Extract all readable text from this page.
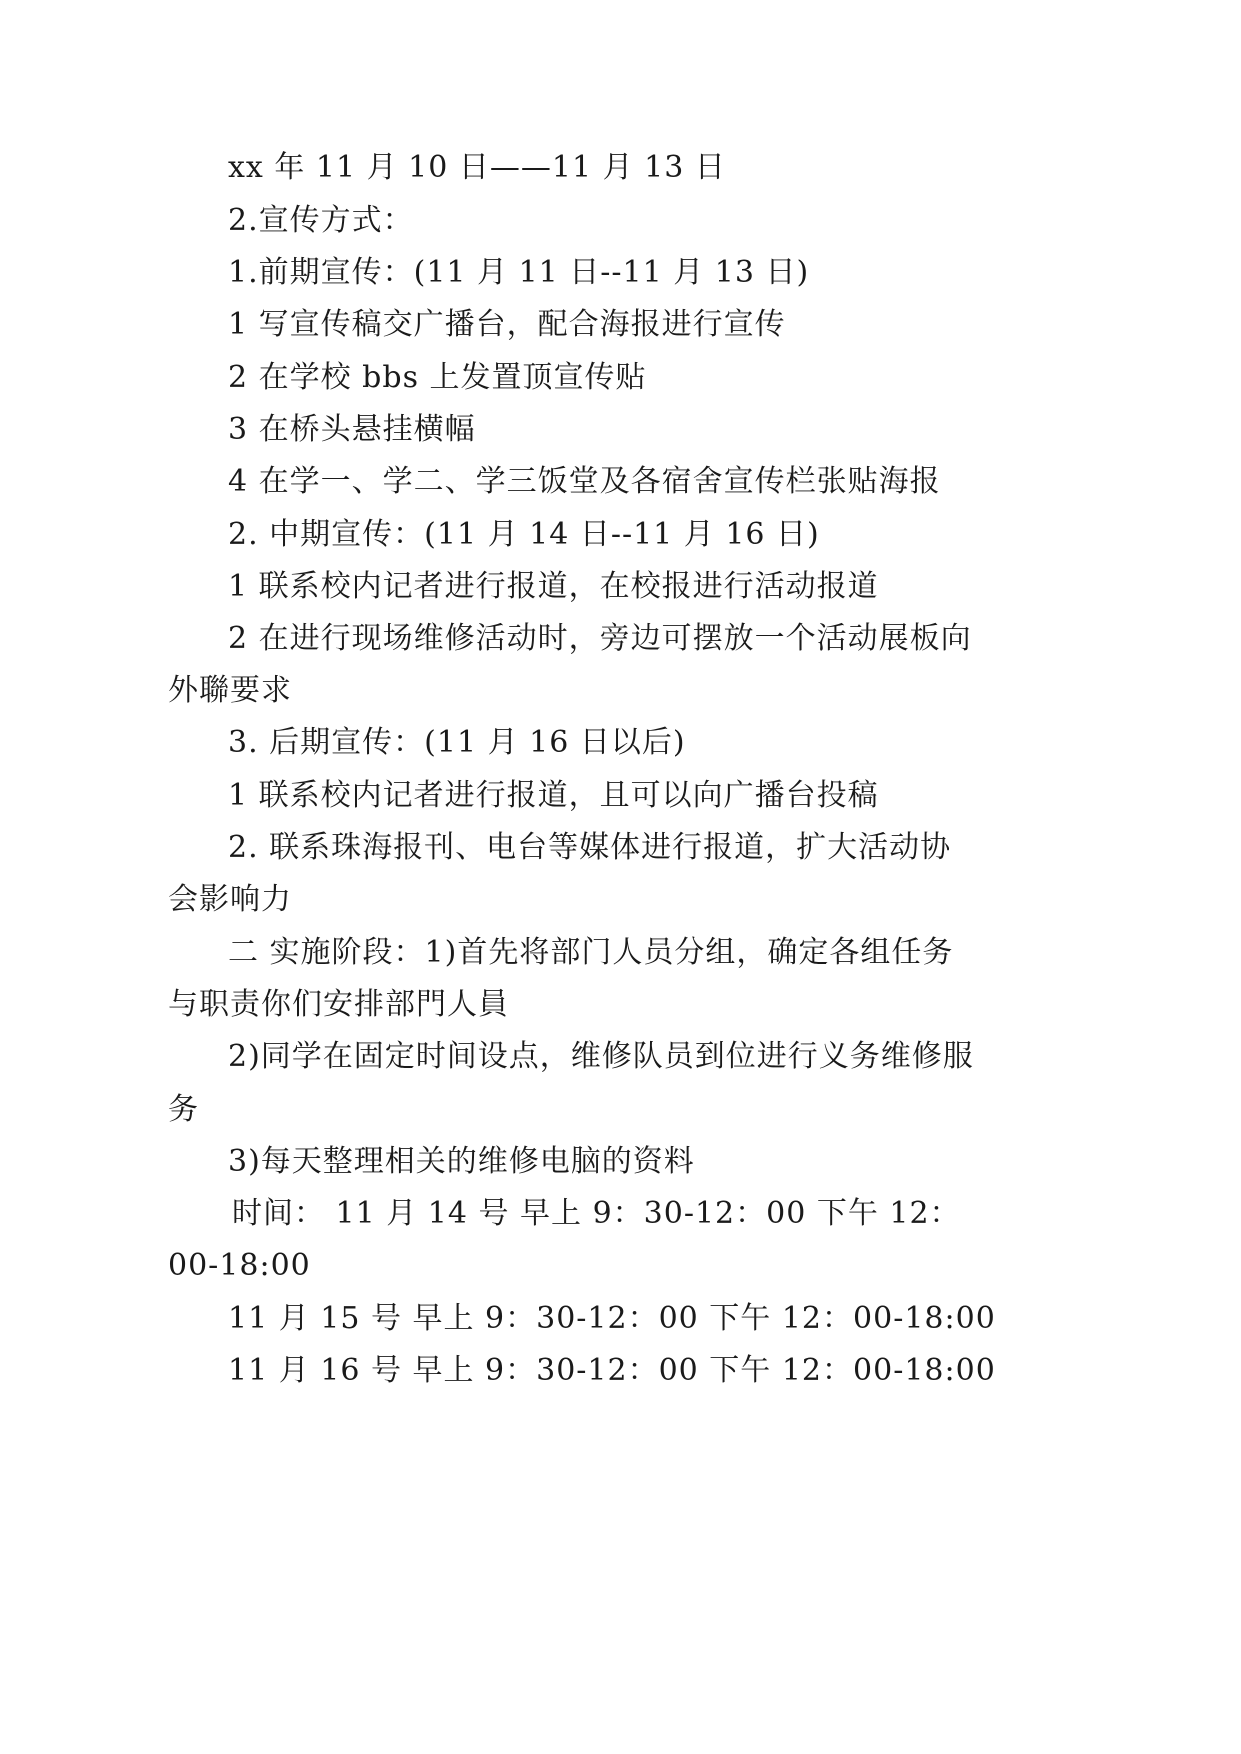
xx 年 11 月 10 日——11 月 13 日
2.宣传方式：
1.前期宣传：(11 月 11 日--11 月 13 日)
1 写宣传稿交广播台，配合海报进行宣传
2 在学校 bbs 上发置顶宣传贴
3 在桥头悬挂横幅
4 在学一、学二、学三饭堂及各宿舍宣传栏张贴海报
2. 中期宣传：(11 月 14 日--11 月 16 日)
1 联系校内记者进行报道，在校报进行活动报道
2 在进行现场维修活动时，旁边可摆放一个活动展板向
外聯要求
3. 后期宣传：(11 月 16 日以后)
1 联系校内记者进行报道，且可以向广播台投稿
2. 联系珠海报刊、电台等媒体进行报道，扩大活动协
会影响力
二 实施阶段：1)首先将部门人员分组，确定各组任务
与职责你们安排部門人員
2)同学在固定时间设点，维修队员到位进行义务维修服
务
3)每天整理相关的维修电脑的资料
时间： 11 月 14 号 早上 9：30-12：00 下午 12：
00-18:00
11 月 15 号 早上 9：30-12：00 下午 12：00-18:00
11 月 16 号 早上 9：30-12：00 下午 12：00-18:00
